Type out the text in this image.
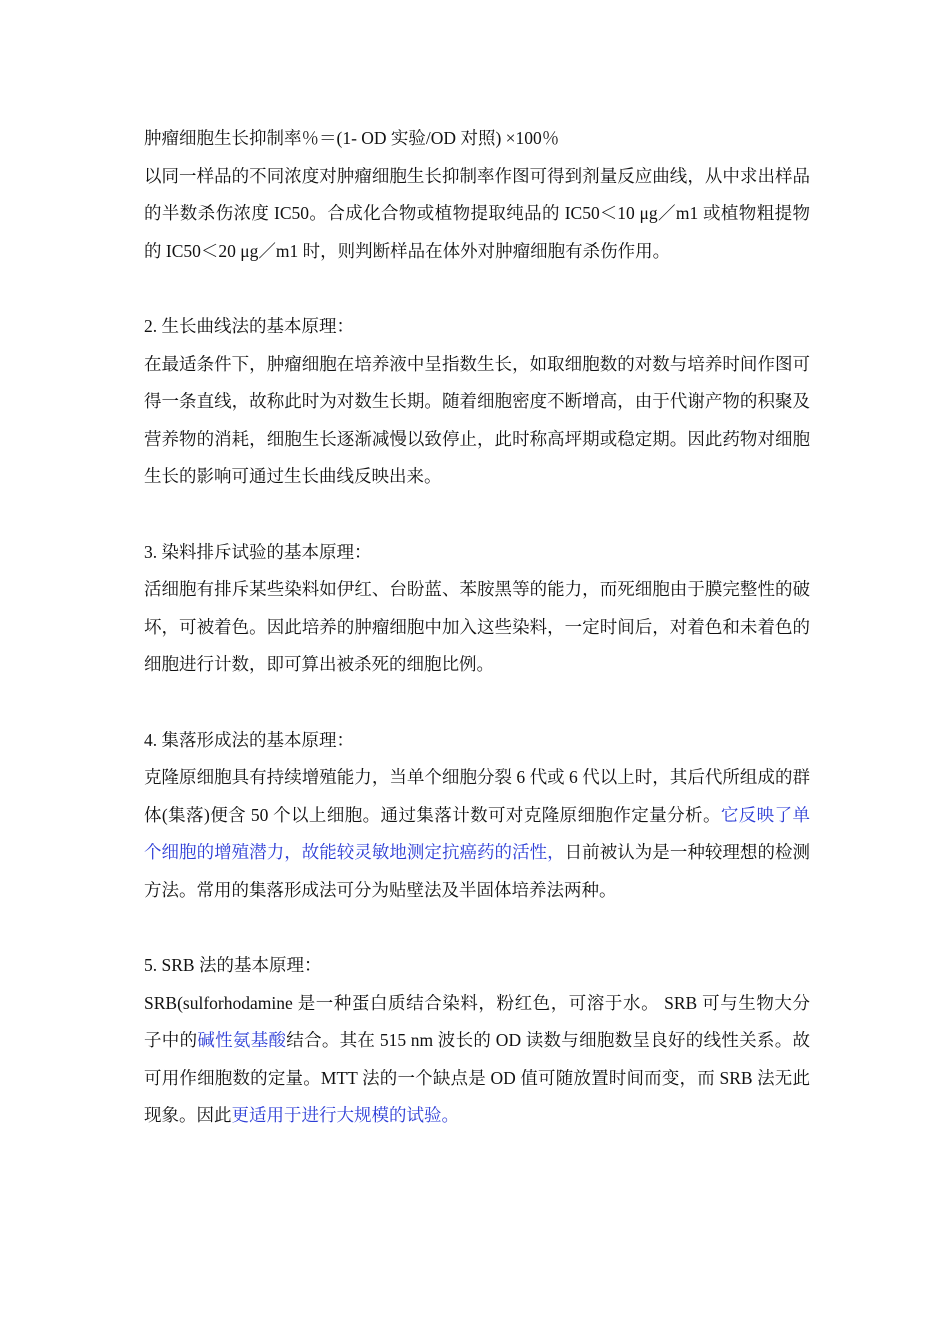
肿瘤细胞生长抑制率％＝(1- OD 实验/OD 对照) ×100％

以同一样品的不同浓度对肿瘤细胞生长抑制率作图可得到剂量反应曲线，从中求出样品的半数杀伤浓度 IC50。合成化合物或植物提取纯品的 IC50＜10 μg／m1 或植物粗提物的 IC50＜20 μg／m1 时，则判断样品在体外对肿瘤细胞有杀伤作用。

2. 生长曲线法的基本原理：

在最适条件下，肿瘤细胞在培养液中呈指数生长，如取细胞数的对数与培养时间作图可得一条直线，故称此时为对数生长期。随着细胞密度不断增高，由于代谢产物的积聚及营养物的消耗，细胞生长逐渐减慢以致停止，此时称高坪期或稳定期。因此药物对细胞生长的影响可通过生长曲线反映出来。

3. 染料排斥试验的基本原理：

活细胞有排斥某些染料如伊红、台盼蓝、苯胺黑等的能力，而死细胞由于膜完整性的破坏，可被着色。因此培养的肿瘤细胞中加入这些染料，一定时间后，对着色和未着色的细胞进行计数，即可算出被杀死的细胞比例。

4. 集落形成法的基本原理：

克隆原细胞具有持续增殖能力，当单个细胞分裂 6 代或 6 代以上时，其后代所组成的群体(集落)便含 50 个以上细胞。通过集落计数可对克隆原细胞作定量分析。它反映了单个细胞的增殖潜力，故能较灵敏地测定抗癌药的活性，日前被认为是一种较理想的检测方法。常用的集落形成法可分为贴壁法及半固体培养法两种。

5. SRB 法的基本原理：

SRB(sulforhodamine 是一种蛋白质结合染料，粉红色，可溶于水。 SRB 可与生物大分子中的碱性氨基酸结合。其在 515 nm 波长的 OD 读数与细胞数呈良好的线性关系。故可用作细胞数的定量。MTT 法的一个缺点是 OD 值可随放置时间而变，而 SRB 法无此现象。因此更适用于进行大规模的试验。
